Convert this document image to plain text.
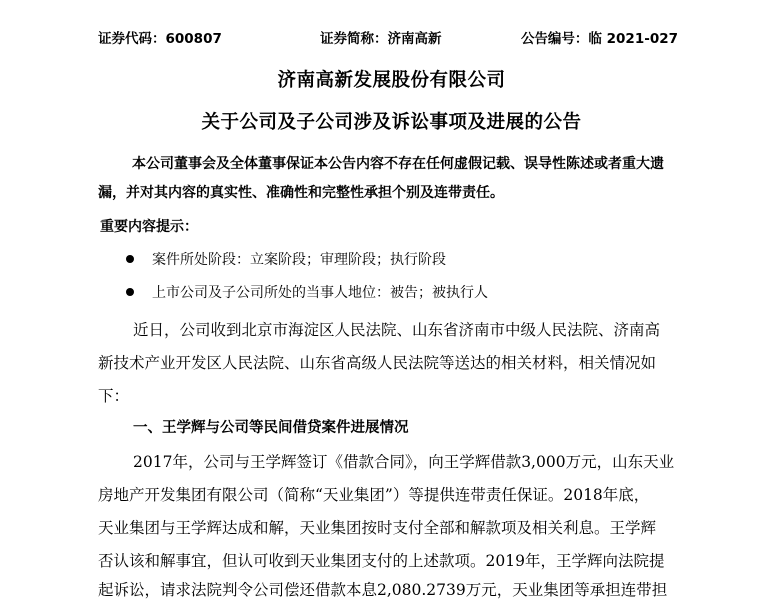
证券代码：600807	证券简称：济南高新	公告编号：临 2021-027
济南高新发展股份有限公司
关于公司及子公司涉及诉讼事项及进展的公告
本公司董事会及全体董事保证本公告内容不存在任何虚假记载、误导性陈述或者重大遗
漏，并对其内容的真实性、准确性和完整性承担个别及连带责任。
重要内容提示：
案件所处阶段：立案阶段；审理阶段；执行阶段
上市公司及子公司所处的当事人地位：被告；被执行人
近日，公司收到北京市海淀区人民法院、山东省济南市中级人民法院、济南高
新技术产业开发区人民法院、山东省高级人民法院等送达的相关材料，相关情况如
下：
一、王学辉与公司等民间借贷案件进展情况
2017年，公司与王学辉签订《借款合同》，向王学辉借款3,000万元，山东天业
房地产开发集团有限公司（简称“天业集团”）等提供连带责任保证。2018年底，
天业集团与王学辉达成和解，天业集团按时支付全部和解款项及相关利息。王学辉
否认该和解事宜，但认可收到天业集团支付的上述款项。2019年，王学辉向法院提
起诉讼，请求法院判令公司偿还借款本息2,080.2739万元，天业集团等承担连带担
